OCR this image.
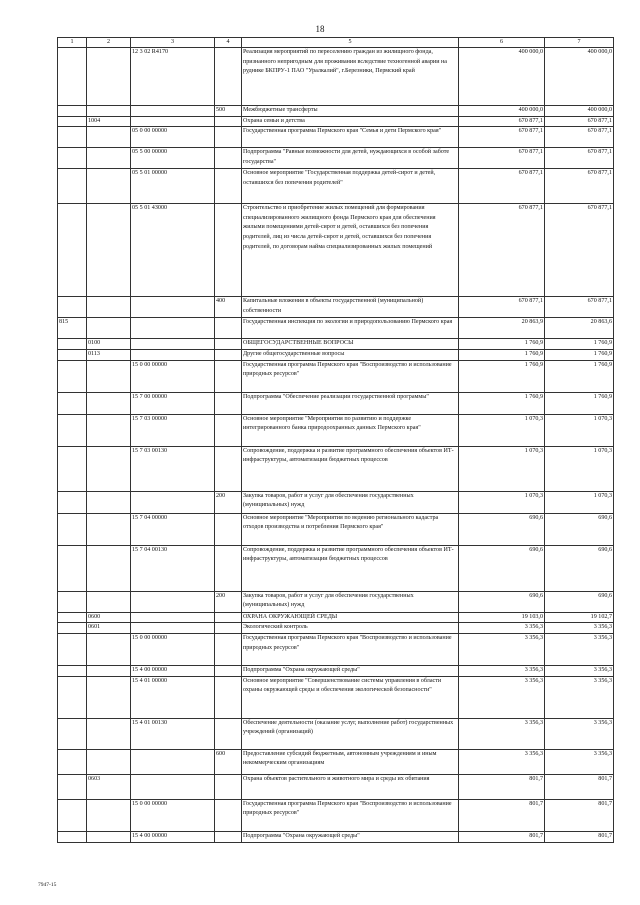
18
1	2	3	4	5	6	7
		12 3 02 R4170		Реализация мероприятий по переселению граждан из жилищного фонда, признанного непригодным для проживания вследствие техногенной аварии на руднике БКПРУ-1 ПАО "Уралкалий", г.Березники, Пермский край	400 000,0	400 000,0
			500	Межбюджетные трансферты	400 000,0	400 000,0
	1004			Охрана семьи и детства	670 877,1	670 877,1
		05 0 00 00000		Государственная программа Пермского края "Семья и дети Пермского края"	670 877,1	670 877,1
		05 5 00 00000		Подпрограмма "Равные возможности для детей, нуждающихся в особой заботе государства"	670 877,1	670 877,1
		05 5 01 00000		Основное мероприятие "Государственная поддержка детей-сирот и детей, оставшихся без попечения родителей"	670 877,1	670 877,1
		05 5 01 4З000		Строительство и приобретение жилых помещений для формирования специализированного жилищного фонда Пермского края для обеспечения жилыми помещениями детей-сирот и детей, оставшихся без попечения родителей, лиц из числа детей-сирот и детей, оставшихся без попечения родителей, по договорам найма специализированных жилых помещений	670 877,1	670 877,1
			400	Капитальные вложения в объекты государственной (муниципальной) собственности	670 877,1	670 877,1
815				Государственная инспекция по экологии и природопользованию Пермского края	20 863,9	20 863,6
	0100			ОБЩЕГОСУДАРСТВЕННЫЕ ВОПРОСЫ	1 760,9	1 760,9
	0113			Другие общегосударственные вопросы	1 760,9	1 760,9
		15 0 00 00000		Государственная программа Пермского края "Воспроизводство и использование природных ресурсов"	1 760,9	1 760,9
		15 7 00 00000		Подпрограмма "Обеспечение реализации государственной программы"	1 760,9	1 760,9
		15 7 03 00000		Основное мероприятие "Мероприятия по развитию и поддержке интегрированного банка природоохранных данных Пермского края"	1 070,3	1 070,3
		15 7 03 00130		Сопровождение, поддержка и развитие программного обеспечения объектов ИТ-инфраструктуры, автоматизации бюджетных процессов	1 070,3	1 070,3
			200	Закупка товаров, работ и услуг для обеспечения государственных (муниципальных) нужд	1 070,3	1 070,3
		15 7 04 00000		Основное мероприятие "Мероприятия по ведению регионального кадастра отходов производства и потребления Пермского края"	690,6	690,6
		15 7 04 00130		Сопровождение, поддержка и развитие программного обеспечения объектов ИТ-инфраструктуры, автоматизации бюджетных процессов	690,6	690,6
			200	Закупка товаров, работ и услуг для обеспечения государственных (муниципальных) нужд	690,6	690,6
	0600			ОХРАНА ОКРУЖАЮЩЕЙ СРЕДЫ	19 103,0	19 102,7
	0601			Экологический контроль	3 356,3	3 356,3
		15 0 00 00000		Государственная программа Пермского края "Воспроизводство и использование природных ресурсов"	3 356,3	3 356,3
		15 4 00 00000		Подпрограмма "Охрана окружающей среды"	3 356,3	3 356,3
		15 4 01 00000		Основное мероприятие "Совершенствование системы управления в области охраны окружающей среды и обеспечения экологической безопасности"	3 356,3	3 356,3
		15 4 01 00130		Обеспечение деятельности (оказание услуг, выполнение работ) государственных учреждений (организаций)	3 356,3	3 356,3
			600	Предоставление субсидий бюджетным, автономным учреждениям и иным некоммерческим организациям	3 356,3	3 356,3
	0603			Охрана объектов растительного и животного мира и среды их обитания	801,7	801,7
		15 0 00 00000		Государственная программа Пермского края "Воспроизводство и использование природных ресурсов"	801,7	801,7
		15 4 00 00000		Подпрограмма "Охрана окружающей среды"	801,7	801,7
7947-15
